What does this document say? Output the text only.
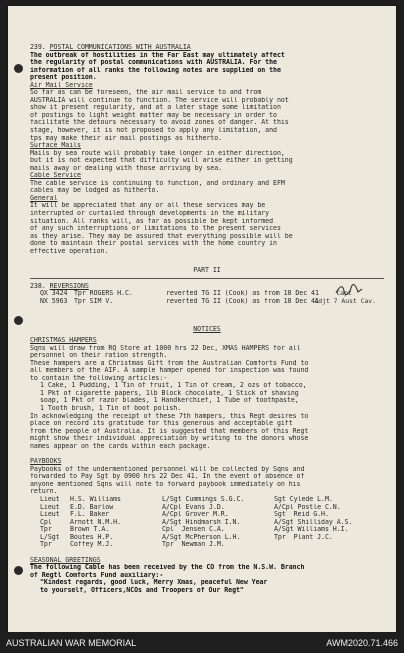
239. POSTAL COMMUNICATIONS WITH AUSTRALIA
The outbreak of hostilities in the Far East may ultimately affect
the regularity of postal communications with AUSTRALIA. For the
information of all ranks the following notes are supplied on the
present position.
Air Mail Service
So far as can be foreseen, the air mail service to and from
AUSTRALIA will continue to function. The service will probably not
show it present regularity, and at a later stage some limitation
of postings to light weight matter may be necessary in order to
facilitate the detours necessary to avoid zones of danger. At this
stage, however, it is not proposed to apply any limitation, and
tps may make their air mail postings as hitherto.
Surface Mails
Mails by sea route will probably take longer in either direction,
but it is not expected that difficulty will arise either in getting
mails away or dealing with those arriving by sea.
Cable Service
The cable service is continuing to function, and ordinary and EFM
cables may be lodged as hitherto.
General
It will be appreciated that any or all these services may be
interrupted or curtailed through developments in the military
situation. All ranks will, as far as possible be kept informed
of any such interruptions or limitations to the present services
as they arise. They may be assured that everything possible will be
done to maintain their postal services with the home country in
effective operation.
PART II
238. REVERSIONS
QX 3424 Tpr ROGERS H.C.	reverted TG II (Cook) as from 18 Dec 41
NX 5963 Tpr SIM V.	reverted TG II (Cook) as from 18 Dec 41
NOTICES
CHRISTMAS HAMPERS
Sqns will draw from RQ Store at 1000 hrs 22 Dec, XMAS HAMPERS for all
personnel on their ration strength.
These hampers are a Christmas Gift from the Australian Comforts Fund to
all members of the AIF. A sample hamper opened for inspection was found
to contain the following articles:-
1 Cake, 1 Pudding, 1 Tin of fruit, 1 Tin of cream, 2 ozs of tobacco,
1 Pkt of cigarette papers, 1lb Block chocolate, 1 Stick of shaving
soap, 1 Pkt of razor blades, 1 Handkerchief, 1 Tube of toothpaste,
1 Tooth brush, 1 Tin of boot polish.
In acknowledging the receipt of these 7th hampers, this Regt desires to
place on record its gratitude for this generous and acceptable gift
from the people of Australia. It is suggested that members of this Regt
might show their individual appreciation by writing to the donors whose
names appear on the cards within each package.
PAYBOOKS
Paybooks of the undermentioned personnel will be collected by Sqns and
forwarded to Pay Sgt by 0900 hrs 22 Dec 41. In the event of absence of
anyone mentioned Sqns will note to forward paybook immediately on his
return.
Lieut	H.S. Williams	L/Sgt Cummings S.G.C.	Sgt Cylede L.M.
Lieut	E.D. Barlow	A/Cpl Evans J.D.	A/Cpl Postle C.N.
Lieut	F.L. Baker	A/Cpl Grover M.R.	Sgt  Reid G.H.
Cpl	Arnott N.M.H.	A/Sgt Hindmarsh I.N.	A/Sgt Shilliday A.S.
Tpr	Brown T.A.	Cpl  Jensen C.A.	A/Sgt Williams H.I.
L/Sgt	Boutes H.P.	A/Sgt McPherson L.H.	Tpr  Plant J.C.
Tpr	Coffey M.J.	Tpr  Newman J.M.
SEASONAL GREETINGS
The following Cable has been received by the CO from the N.S.W. Branch
of Regtl Comforts Fund auxiliary:-
"Kindest regards, good luck, Merry Xmas, peaceful New Year
to yourself, Officers,NCOs and Troopers of Our Regt"
Capt
Adjt 7 Aust Cav.
AUSTRALIAN WAR MEMORIAL	AWM2020.71.466
